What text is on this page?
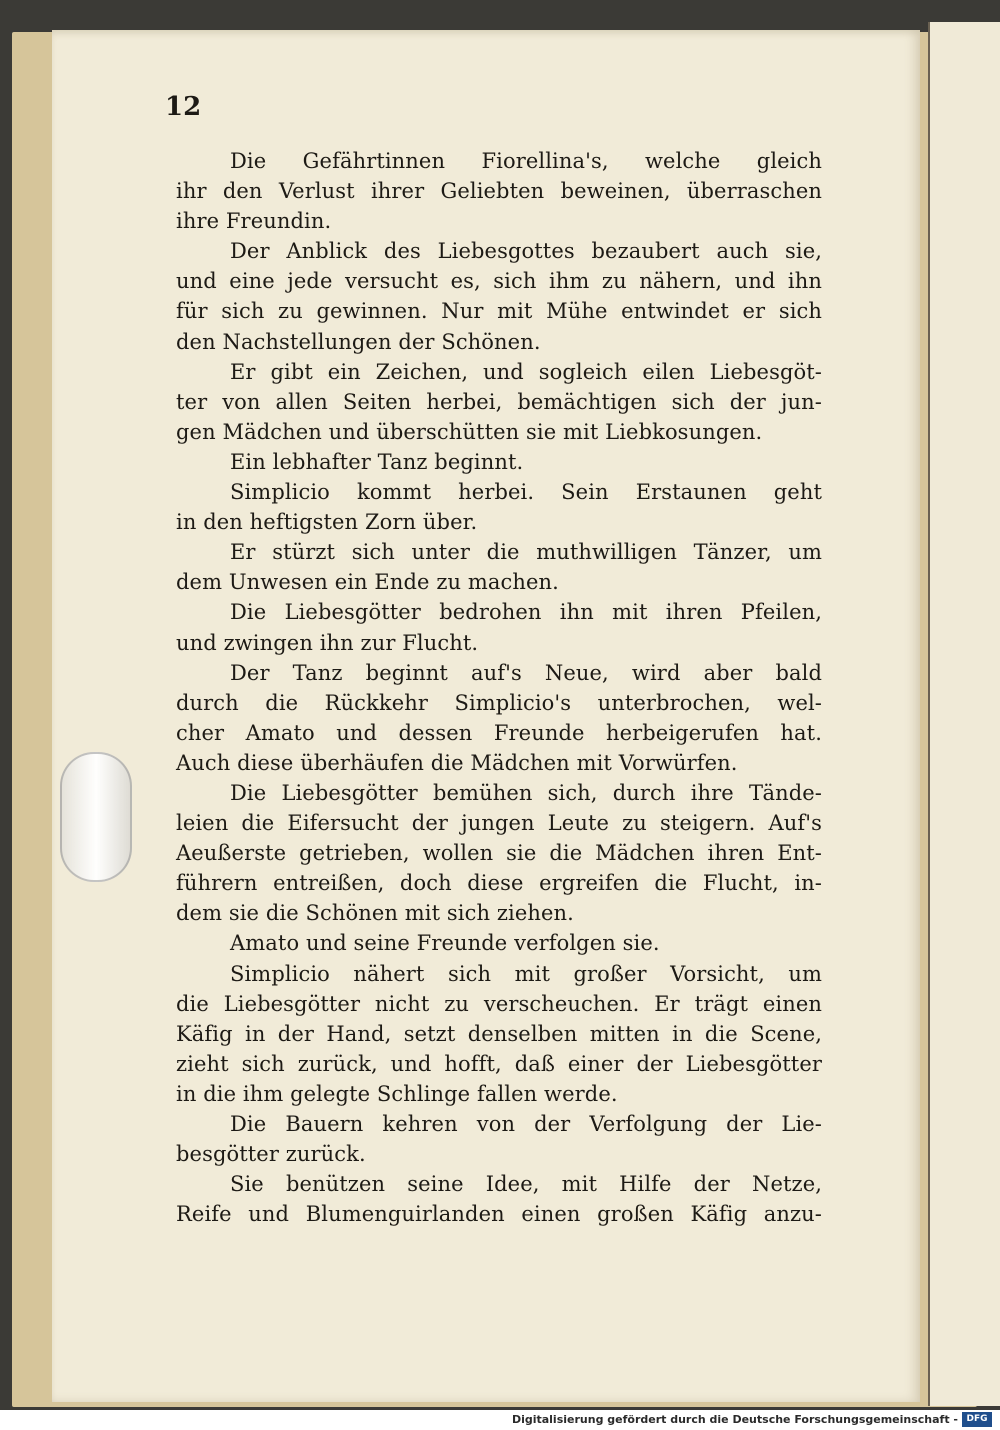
12
Die Gefährtinnen Fiorellina's, welche gleich
ihr den Verlust ihrer Geliebten beweinen, überraschen
ihre Freundin.
Der Anblick des Liebesgottes bezaubert auch sie,
und eine jede versucht es, sich ihm zu nähern, und ihn
für sich zu gewinnen. Nur mit Mühe entwindet er sich
den Nachstellungen der Schönen.
Er gibt ein Zeichen, und sogleich eilen Liebesgöt-
ter von allen Seiten herbei, bemächtigen sich der jun-
gen Mädchen und überschütten sie mit Liebkosungen.
Ein lebhafter Tanz beginnt.
Simplicio kommt herbei. Sein Erstaunen geht
in den heftigsten Zorn über.
Er stürzt sich unter die muthwilligen Tänzer, um
dem Unwesen ein Ende zu machen.
Die Liebesgötter bedrohen ihn mit ihren Pfeilen,
und zwingen ihn zur Flucht.
Der Tanz beginnt auf's Neue, wird aber bald
durch die Rückkehr Simplicio's unterbrochen, wel-
cher Amato und dessen Freunde herbeigerufen hat.
Auch diese überhäufen die Mädchen mit Vorwürfen.
Die Liebesgötter bemühen sich, durch ihre Tände-
leien die Eifersucht der jungen Leute zu steigern. Auf's
Aeußerste getrieben, wollen sie die Mädchen ihren Ent-
führern entreißen, doch diese ergreifen die Flucht, in-
dem sie die Schönen mit sich ziehen.
Amato und seine Freunde verfolgen sie.
Simplicio nähert sich mit großer Vorsicht, um
die Liebesgötter nicht zu verscheuchen. Er trägt einen
Käfig in der Hand, setzt denselben mitten in die Scene,
zieht sich zurück, und hofft, daß einer der Liebesgötter
in die ihm gelegte Schlinge fallen werde.
Die Bauern kehren von der Verfolgung der Lie-
besgötter zurück.
Sie benützen seine Idee, mit Hilfe der Netze,
Reife und Blumenguirlanden einen großen Käfig anzu-
Digitalisierung gefördert durch die Deutsche Forschungsgemeinschaft - DFG
